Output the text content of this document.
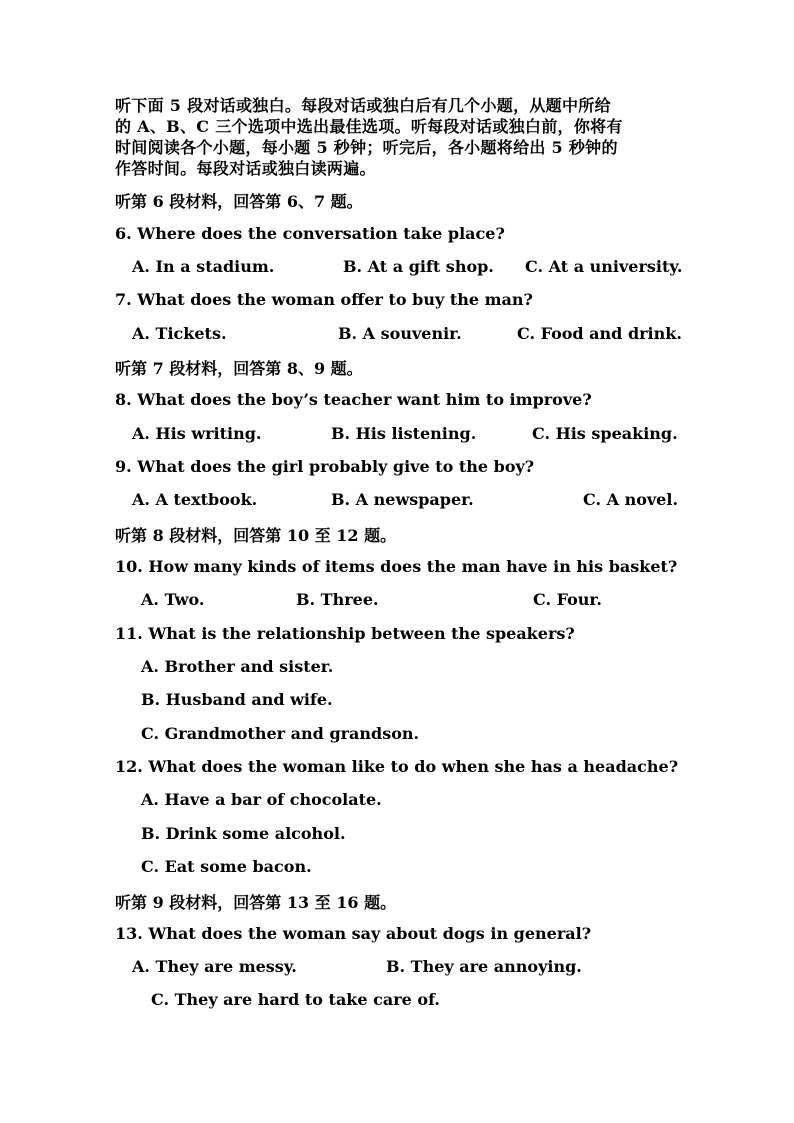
听下面 5 段对话或独白。每段对话或独白后有几个小题，从题中所给
的 A、B、C 三个选项中选出最佳选项。听每段对话或独白前，你将有
时间阅读各个小题，每小题 5 秒钟；听完后，各小题将给出 5 秒钟的
作答时间。每段对话或独白读两遍。
听第 6 段材料，回答第 6、7 题。
6. Where does the conversation take place?
A. In a stadium.	B. At a gift shop. C. At a university.
7. What does the woman offer to buy the man?
A. Tickets.	B. A souvenir.	C. Food and drink.
听第 7 段材料，回答第 8、9 题。
8. What does the boy’s teacher want him to improve?
A. His writing.	B. His listening.	C. His speaking.
9. What does the girl probably give to the boy?
A. A textbook.	B. A newspaper.	C. A novel.
听第 8 段材料，回答第 10 至 12 题。
10. How many kinds of items does the man have in his basket?
A. Two.	B. Three.	C. Four.
11. What is the relationship between the speakers?
A. Brother and sister.
B. Husband and wife.
C. Grandmother and grandson.
12. What does the woman like to do when she has a headache?
A. Have a bar of chocolate.
B. Drink some alcohol.
C. Eat some bacon.
听第 9 段材料，回答第 13 至 16 题。
13. What does the woman say about dogs in general?
A. They are messy.	B. They are annoying.
C. They are hard to take care of.
